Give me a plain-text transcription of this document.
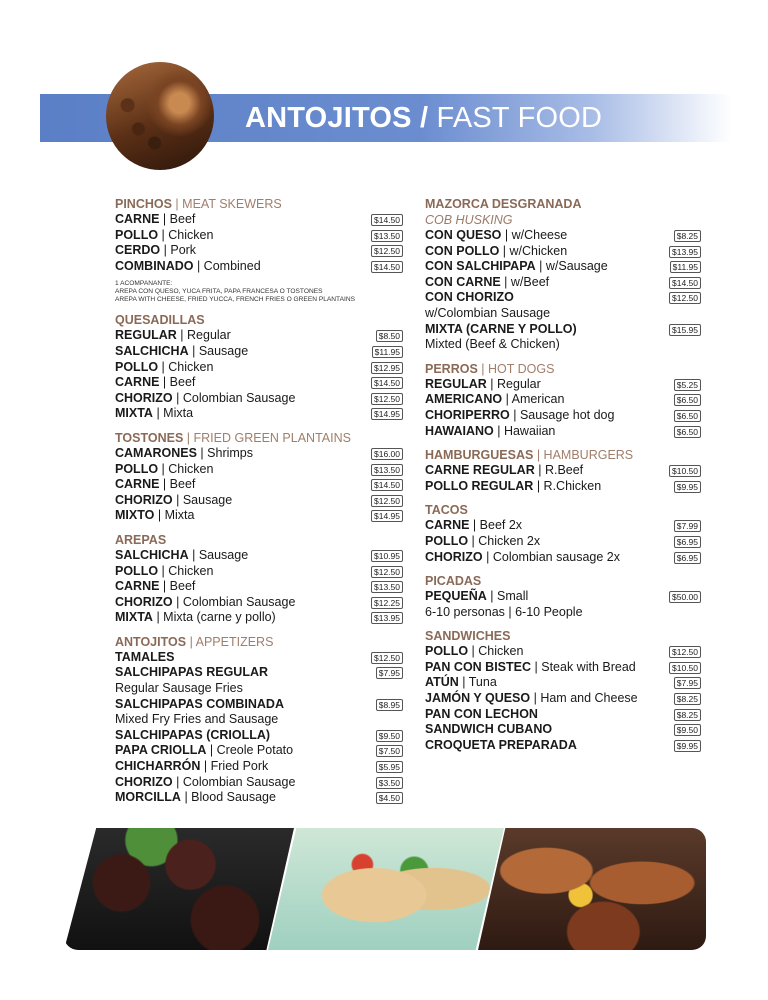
ANTOJITOS / FAST FOOD
PINCHOS | MEAT SKEWERS
CARNE | Beef	$14.50
POLLO | Chicken	$13.50
CERDO | Pork	$12.50
COMBINADO | Combined	$14.50
1 ACOMPANANTE:
AREPA CON QUESO, YUCA FRITA, PAPA FRANCESA O TOSTONES
AREPA WITH CHEESE, FRIED YUCCA, FRENCH FRIES O GREEN PLANTAINS
QUESADILLAS
REGULAR | Regular	$8.50
SALCHICHA | Sausage	$11.95
POLLO | Chicken	$12.95
CARNE | Beef	$14.50
CHORIZO | Colombian Sausage	$12.50
MIXTA | Mixta	$14.95
TOSTONES | FRIED GREEN PLANTAINS
CAMARONES | Shrimps	$16.00
POLLO | Chicken	$13.50
CARNE | Beef	$14.50
CHORIZO | Sausage	$12.50
MIXTO | Mixta	$14.95
AREPAS
SALCHICHA | Sausage	$10.95
POLLO | Chicken	$12.50
CARNE | Beef	$13.50
CHORIZO | Colombian Sausage	$12.25
MIXTA | Mixta (carne y pollo)	$13.95
ANTOJITOS | APPETIZERS
TAMALES	$12.50
SALCHIPAPAS REGULAR	$7.95
Regular Sausage Fries
SALCHIPAPAS COMBINADA	$8.95
Mixed Fry Fries and Sausage
SALCHIPAPAS (CRIOLLA)	$9.50
PAPA CRIOLLA | Creole Potato	$7.50
CHICHARRÓN | Fried Pork	$5.95
CHORIZO | Colombian Sausage	$3.50
MORCILLA | Blood Sausage	$4.50
MAZORCA DESGRANADA
COB HUSKING
CON QUESO | w/Cheese	$8.25
CON POLLO | w/Chicken	$13.95
CON SALCHIPAPA | w/Sausage	$11.95
CON CARNE | w/Beef	$14.50
CON CHORIZO	$12.50
w/Colombian Sausage
MIXTA (CARNE Y POLLO)	$15.95
Mixted (Beef & Chicken)
PERROS | HOT DOGS
REGULAR | Regular	$5.25
AMERICANO | American	$6.50
CHORIPERRO | Sausage hot dog	$6.50
HAWAIANO | Hawaiian	$6.50
HAMBURGUESAS | HAMBURGERS
CARNE REGULAR | R.Beef	$10.50
POLLO REGULAR | R.Chicken	$9.95
TACOS
CARNE | Beef 2x	$7.99
POLLO | Chicken 2x	$6.95
CHORIZO | Colombian sausage 2x	$6.95
PICADAS
PEQUEÑA | Small	$50.00
6-10 personas | 6-10 People
SANDWICHES
POLLO | Chicken	$12.50
PAN CON BISTEC | Steak with Bread	$10.50
ATÚN | Tuna	$7.95
JAMÓN Y QUESO | Ham and Cheese	$8.25
PAN CON LECHON	$8.25
SANDWICH CUBANO	$9.50
CROQUETA PREPARADA	$9.95
